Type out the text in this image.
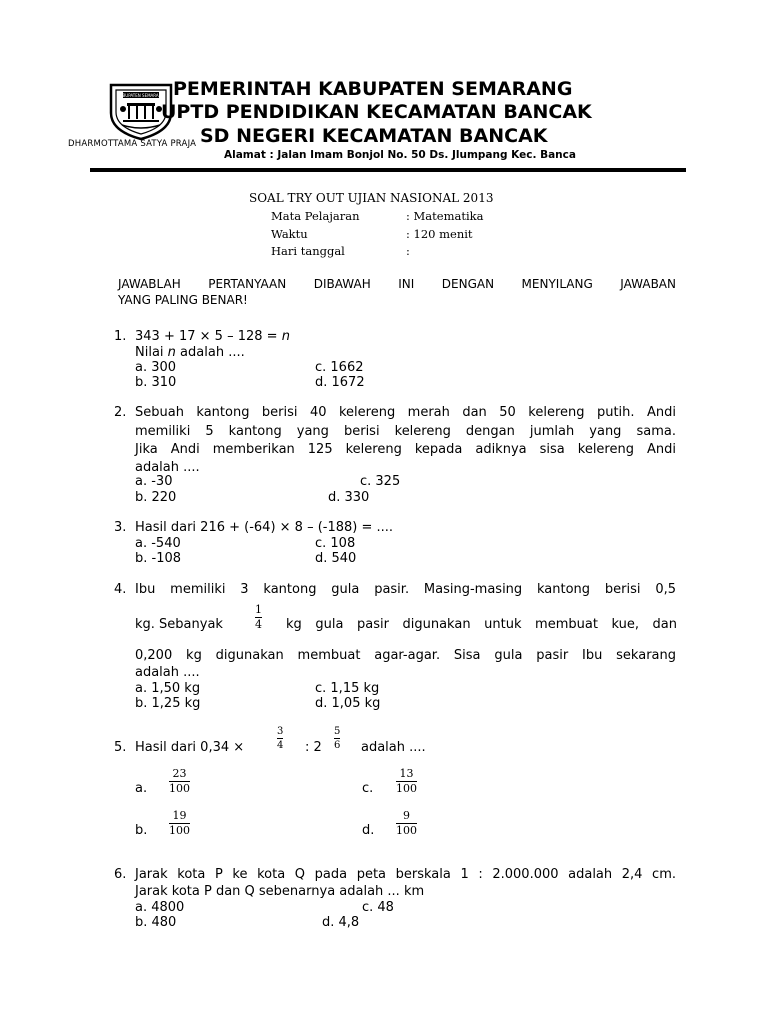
KABUPATEN SEMARANG
DHARMOTTAMA SATYA PRAJA
PEMERINTAH KABUPATEN SEMARANG
UPTD PENDIDIKAN KECAMATAN BANCAK
SD NEGERI KECAMATAN BANCAK
Alamat : Jalan Imam Bonjol No. 50 Ds. Jlumpang Kec. Banca
SOAL TRY OUT UJIAN NASIONAL 2013
Mata Pelajaran	: Matematika
Waktu	: 120 menit
Hari tanggal	:
JAWABLAH PERTANYAAN DIBAWAH INI DENGAN MENYILANG JAWABAN
YANG PALING BENAR!
1. 343 + 17 × 5 – 128 = n
Nilai n adalah ....
a. 300
b. 310
c. 1662
d. 1672
2. Sebuah kantong berisi 40 kelereng merah dan 50 kelereng putih. Andi
memiliki 5 kantong yang berisi kelereng dengan jumlah yang sama.
Jika Andi memberikan 125 kelereng kepada adiknya sisa kelereng Andi
adalah ....
a. -30
b. 220
c. 325
d. 330
3. Hasil dari 216 + (-64) × 8 – (-188) = ....
a. -540
b. -108
c. 108
d. 540
4. Ibu memiliki 3 kantong gula pasir. Masing-masing kantong berisi 0,5
kg. Sebanyak
1
4 kg gula pasir digunakan untuk membuat kue, dan
0,200 kg digunakan membuat agar-agar. Sisa gula pasir Ibu sekarang
adalah ....
a. 1,50 kg
b. 1,25 kg
c. 1,15 kg
d. 1,05 kg
5. Hasil dari 0,34 ×
3
4 : 2
5
6 adalah ....
a.
23
100
b.
19
100
c.
13
100
d.
9
100
6. Jarak kota P ke kota Q pada peta berskala 1 : 2.000.000 adalah 2,4 cm.
Jarak kota P dan Q sebenarnya adalah ... km
a. 4800
b. 480
c. 48
d. 4,8
